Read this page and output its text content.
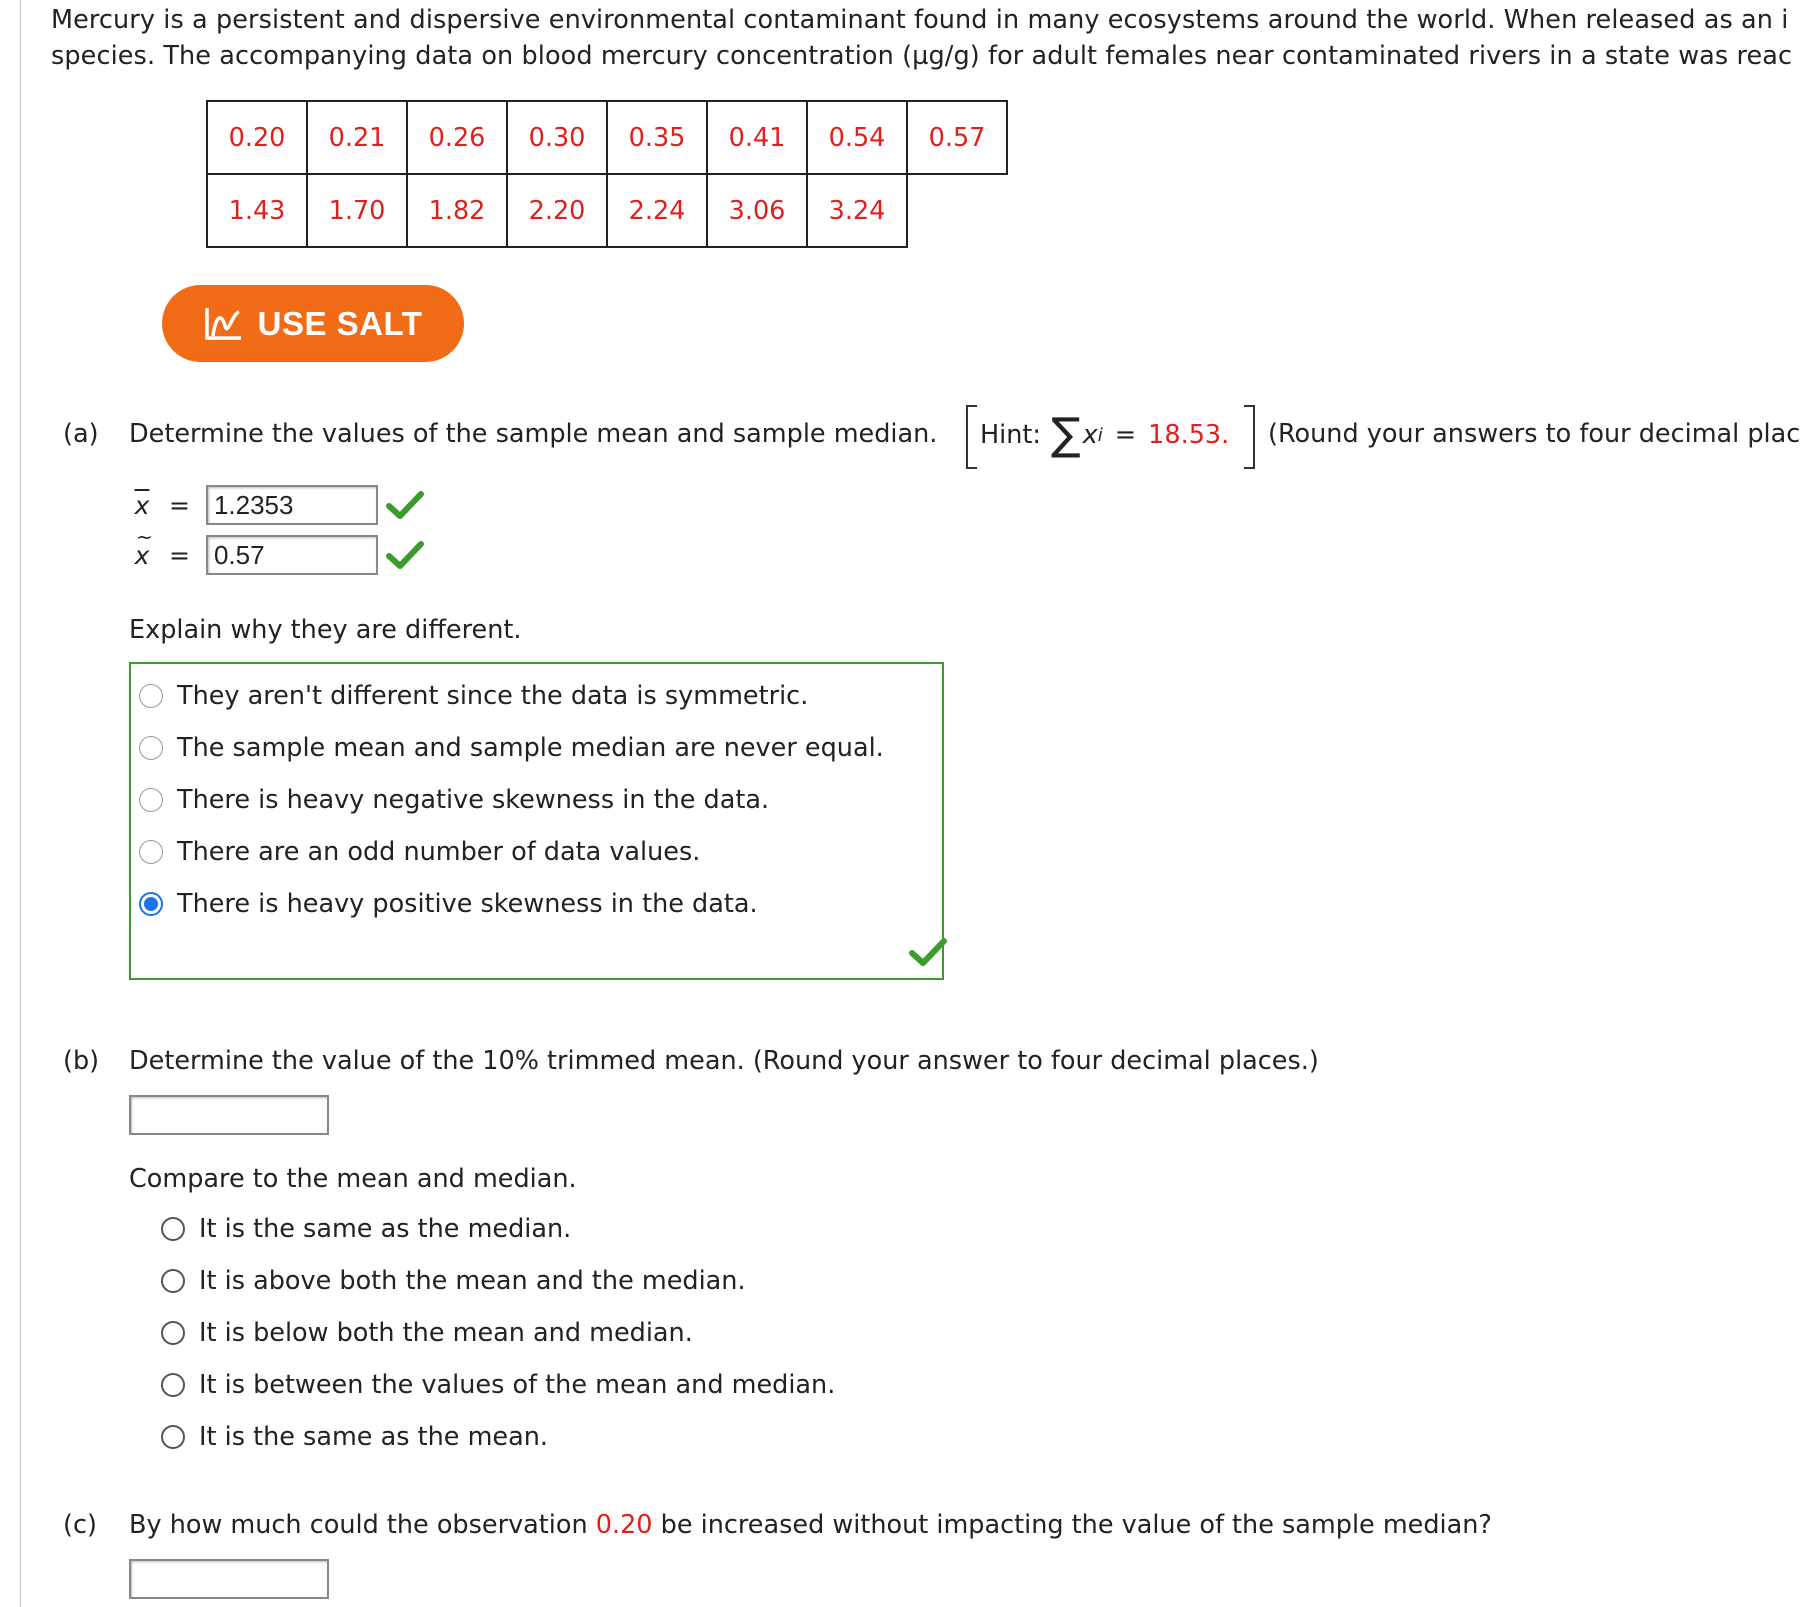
Mercury is a persistent and dispersive environmental contaminant found in many ecosystems around the world. When released as an i
species. The accompanying data on blood mercury concentration (µg/g) for adult females near contaminated rivers in a state was reac
0.20	0.21	0.26	0.30	0.35	0.41	0.54	0.57
1.43	1.70	1.82	2.20	2.24	3.06	3.24	
USE SALT
(a) Determine the values of the sample mean and sample median. Hint: ∑ x i = 18.53. (Round your answers to four decimal plac
$\overline{x} = 1.2353$
~
x = 0.57
Explain why they are different.
They aren't different since the data is symmetric.
The sample mean and sample median are never equal.
There is heavy negative skewness in the data.
There are an odd number of data values.
There is heavy positive skewness in the data.
(b) Determine the value of the 10% trimmed mean. (Round your answer to four decimal places.)
Compare to the mean and median.
It is the same as the median.
It is above both the mean and the median.
It is below both the mean and median.
It is between the values of the mean and median.
It is the same as the mean.
(c) By how much could the observation 0.20 be increased without impacting the value of the sample median?
